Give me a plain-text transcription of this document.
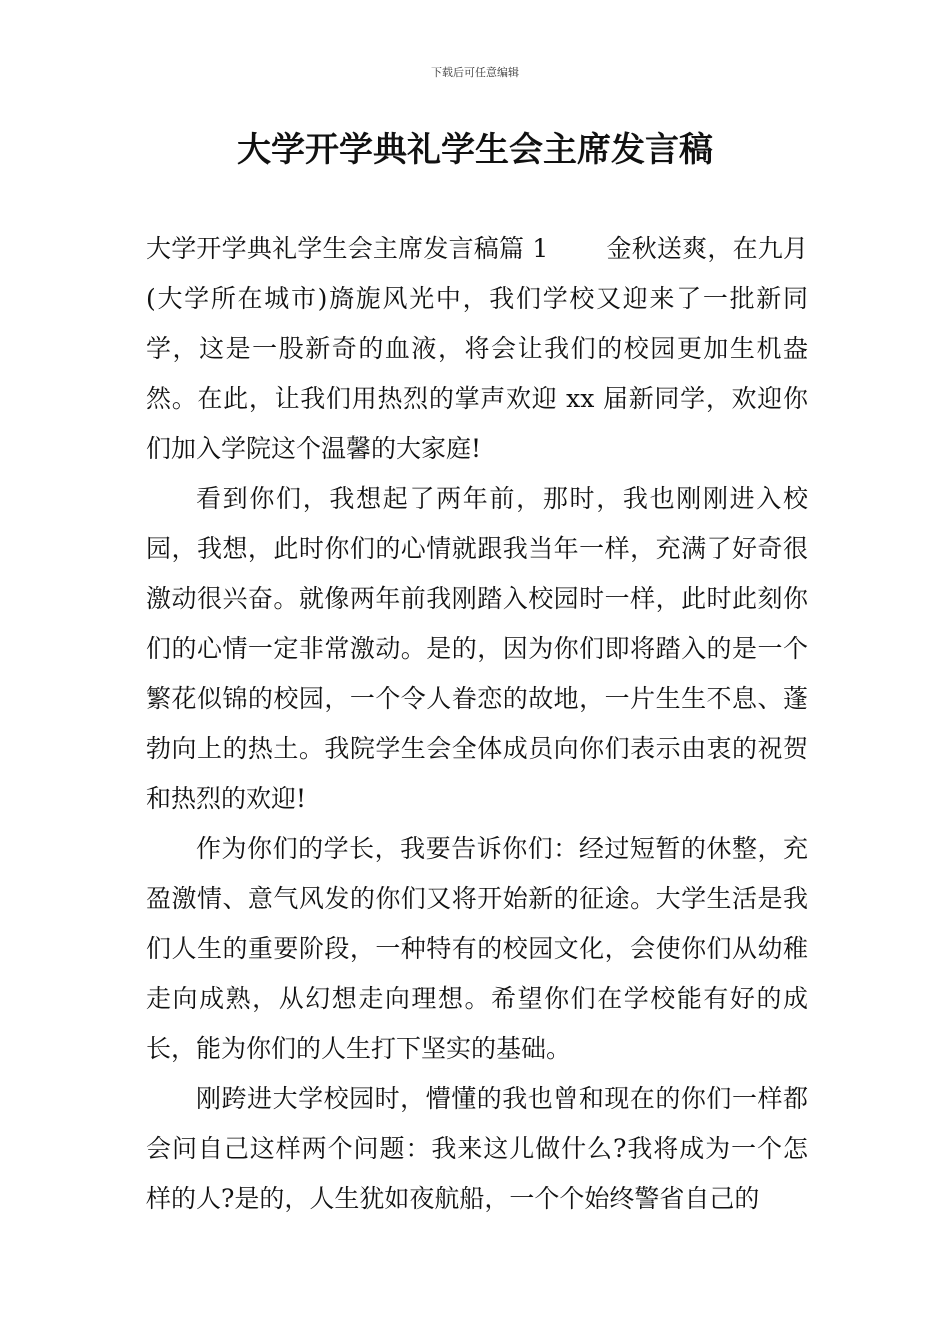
下载后可任意编辑
大学开学典礼学生会主席发言稿

大学开学典礼学生会主席发言稿篇 1 金秋送爽，在九月(大学所在城市)旖旎风光中，我们学校又迎来了一批新同学，这是一股新奇的血液，将会让我们的校园更加生机盎然。在此，让我们用热烈的掌声欢迎 xx 届新同学，欢迎你们加入学院这个温馨的大家庭!

看到你们，我想起了两年前，那时，我也刚刚进入校园，我想，此时你们的心情就跟我当年一样，充满了好奇很激动很兴奋。就像两年前我刚踏入校园时一样，此时此刻你们的心情一定非常激动。是的，因为你们即将踏入的是一个繁花似锦的校园，一个令人眷恋的故地，一片生生不息、蓬勃向上的热土。我院学生会全体成员向你们表示由衷的祝贺和热烈的欢迎!

作为你们的学长，我要告诉你们：经过短暂的休整，充盈激情、意气风发的你们又将开始新的征途。大学生活是我们人生的重要阶段，一种特有的校园文化，会使你们从幼稚走向成熟，从幻想走向理想。希望你们在学校能有好的成长，能为你们的人生打下坚实的基础。

刚跨进大学校园时，懵懂的我也曾和现在的你们一样都会问自己这样两个问题：我来这儿做什么?我将成为一个怎样的人?是的，人生犹如夜航船，一个个始终警省自己的
